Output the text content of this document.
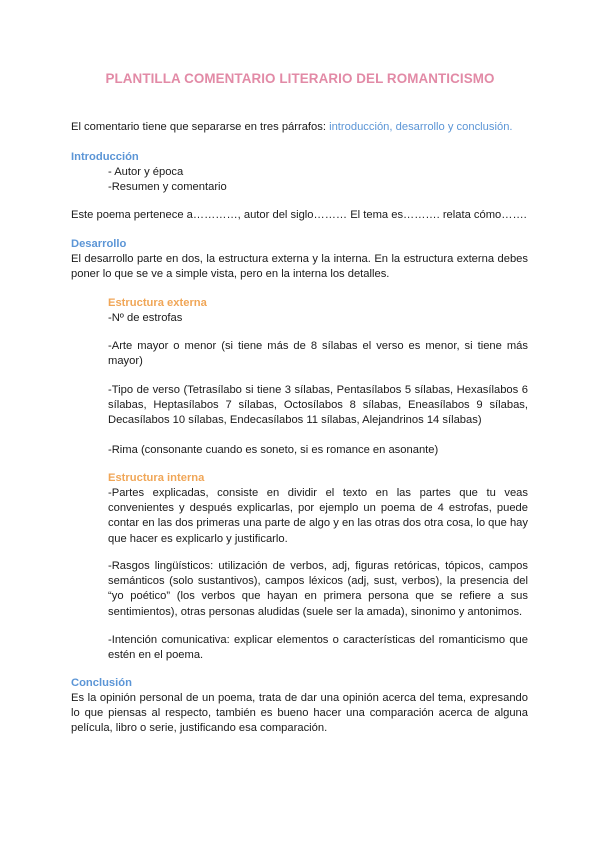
PLANTILLA COMENTARIO LITERARIO DEL ROMANTICISMO

El comentario tiene que separarse en tres párrafos: introducción, desarrollo y conclusión.

Introducción

- Autor y época

-Resumen y comentario

Este poema pertenece a…………, autor del siglo……… El tema es………. relata cómo…….

Desarrollo

El desarrollo parte en dos, la estructura externa y la interna. En la estructura externa debes poner lo que se ve a simple vista, pero en la interna los detalles.

Estructura externa

-Nº de estrofas

-Arte mayor o menor (si tiene más de 8 sílabas el verso es menor, si tiene más mayor)

-Tipo de verso (Tetrasílabo si tiene 3 sílabas, Pentasílabos 5 sílabas, Hexasílabos 6 sílabas, Heptasílabos 7 sílabas, Octosílabos 8 sílabas, Eneasílabos 9 sílabas, Decasílabos 10 sílabas, Endecasílabos 11 sílabas, Alejandrinos 14 sílabas)

-Rima (consonante cuando es soneto, si es romance en asonante)

Estructura interna

-Partes explicadas, consiste en dividir el texto en las partes que tu veas convenientes y después explicarlas, por ejemplo un poema de 4 estrofas, puede contar en las dos primeras una parte de algo y en las otras dos otra cosa, lo que hay que hacer es explicarlo y justificarlo.

-Rasgos lingüísticos: utilización de verbos, adj, figuras retóricas, tópicos, campos semánticos (solo sustantivos), campos léxicos (adj, sust, verbos), la presencia del “yo poético” (los verbos que hayan en primera persona que se refiere a sus sentimientos), otras personas aludidas (suele ser la amada), sinonimo y antonimos.

-Intención comunicativa: explicar elementos o características del romanticismo que estén en el poema.

Conclusión

Es la opinión personal de un poema, trata de dar una opinión acerca del tema, expresando lo que piensas al respecto, también es bueno hacer una comparación acerca de alguna película, libro o serie, justificando esa comparación.
